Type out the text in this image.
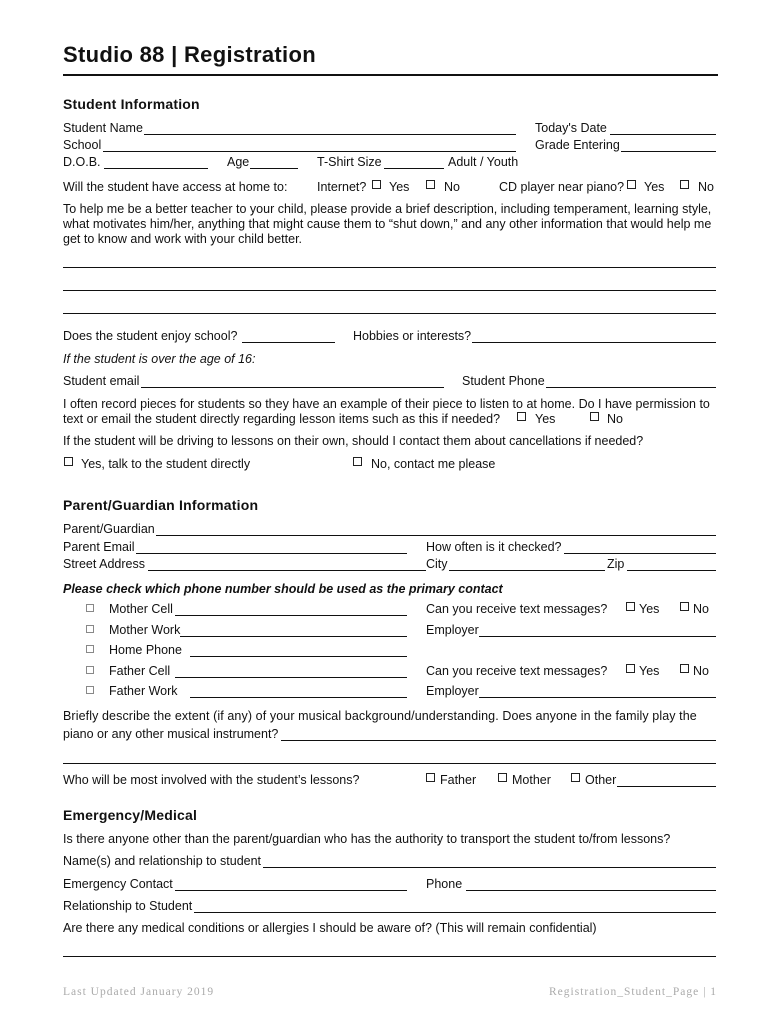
Studio 88 | Registration
Student Information
Student Name	Today's Date
School	Grade Entering
D.O.B.	Age	T-Shirt Size	Adult / Youth
Will the student have access at home to: Internet? Yes	No	CD player near piano? Yes	No
To help me be a better teacher to your child, please provide a brief description, including temperament, learning style,
what motivates him/her, anything that might cause them to “shut down,” and any other information that would help me
get to know and work with your child better.
Does the student enjoy school?	Hobbies or interests?
If the student is over the age of 16:
Student email	Student Phone
I often record pieces for students so they have an example of their piece to listen to at home. Do I have permission to
text or email the student directly regarding lesson items such as this if needed?	Yes	No
If the student will be driving to lessons on their own, should I contact them about cancellations if needed?
Yes, talk to the student directly	No, contact me please
Parent/Guardian Information
Parent/Guardian
Parent Email	How often is it checked?
Street Address	City	Zip
Please check which phone number should be used as the primary contact
Mother Cell	Can you receive text messages?	Yes	No
Mother Work	Employer
Home Phone
Father Cell	Can you receive text messages?	Yes	No
Father Work	Employer
Briefly describe the extent (if any) of your musical background/understanding. Does anyone in the family play the
piano or any other musical instrument?
Who will be most involved with the student’s lessons?	Father	Mother	Other
Emergency/Medical
Is there anyone other than the parent/guardian who has the authority to transport the student to/from lessons?
Name(s) and relationship to student
Emergency Contact	Phone
Relationship to Student
Are there any medical conditions or allergies I should be aware of? (This will remain confidential)
Last Updated January 2019	Registration_Student_Page | 1
